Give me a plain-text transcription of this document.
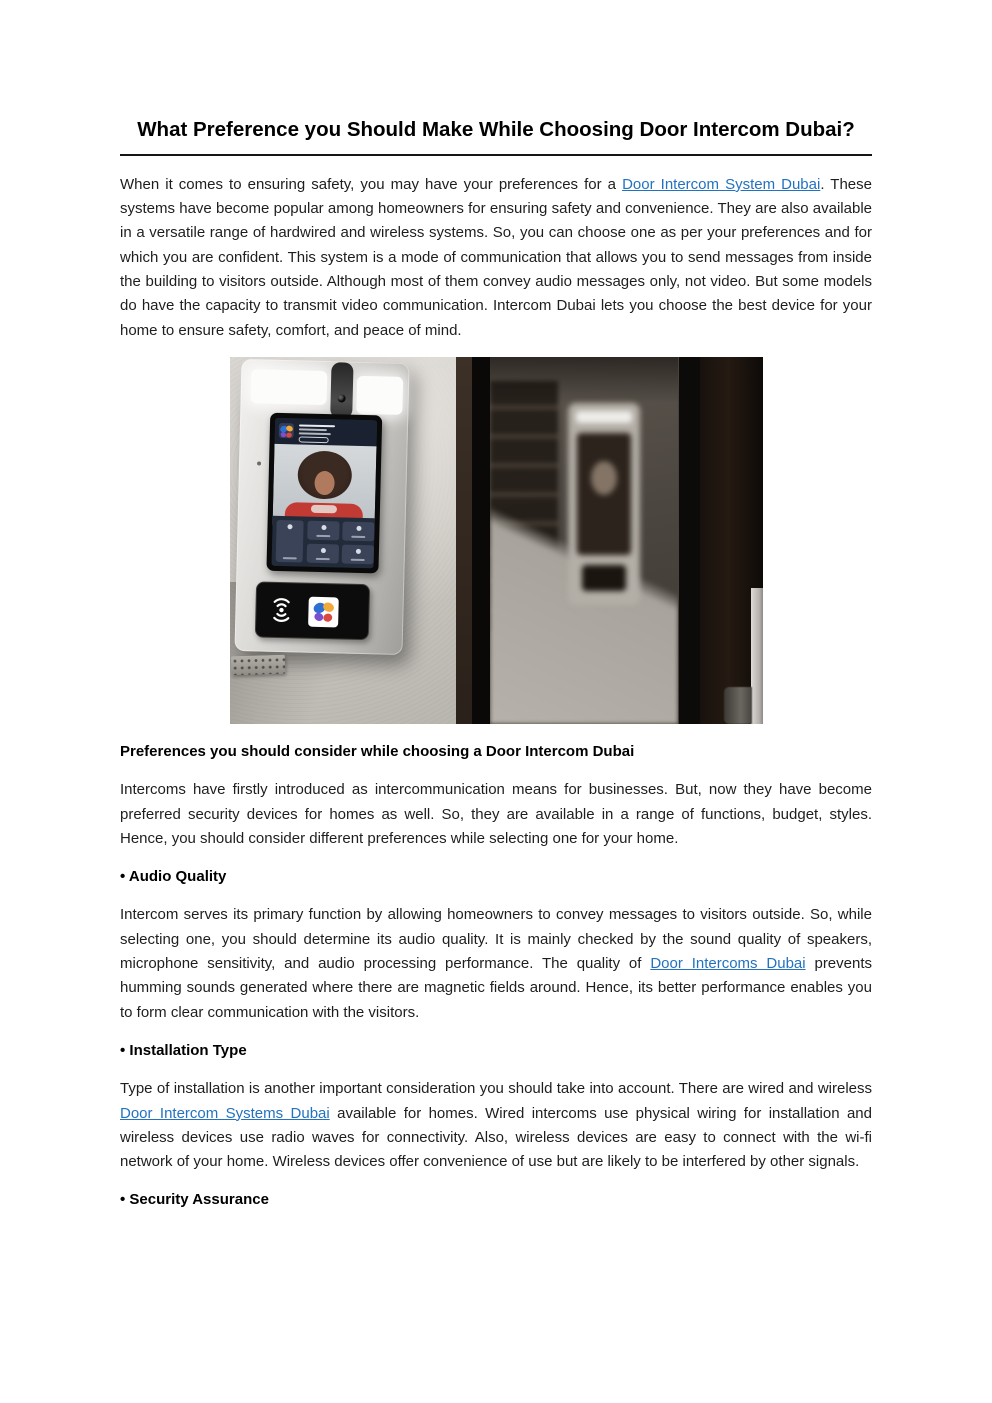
What Preference you Should Make While Choosing Door Intercom Dubai?

When it comes to ensuring safety, you may have your preferences for a Door Intercom System Dubai. These systems have become popular among homeowners for ensuring safety and convenience. They are also available in a versatile range of hardwired and wireless systems. So, you can choose one as per your preferences and for which you are confident. This system is a mode of communication that allows you to send messages from inside the building to visitors outside. Although most of them convey audio messages only, not video. But some models do have the capacity to transmit video communication. Intercom Dubai lets you choose the best device for your home to ensure safety, comfort, and peace of mind.

Preferences you should consider while choosing a Door Intercom Dubai

Intercoms have firstly introduced as intercommunication means for businesses. But, now they have become preferred security devices for homes as well. So, they are available in a range of functions, budget, styles. Hence, you should consider different preferences while selecting one for your home.

• Audio Quality

Intercom serves its primary function by allowing homeowners to convey messages to visitors outside. So, while selecting one, you should determine its audio quality. It is mainly checked by the sound quality of speakers, microphone sensitivity, and audio processing performance. The quality of Door Intercoms Dubai prevents humming sounds generated where there are magnetic fields around. Hence, its better performance enables you to form clear communication with the visitors.

• Installation Type

Type of installation is another important consideration you should take into account. There are wired and wireless Door Intercom Systems Dubai available for homes. Wired intercoms use physical wiring for installation and wireless devices use radio waves for connectivity. Also, wireless devices are easy to connect with the wi-fi network of your home. Wireless devices offer convenience of use but are likely to be interfered by other signals.

• Security Assurance
